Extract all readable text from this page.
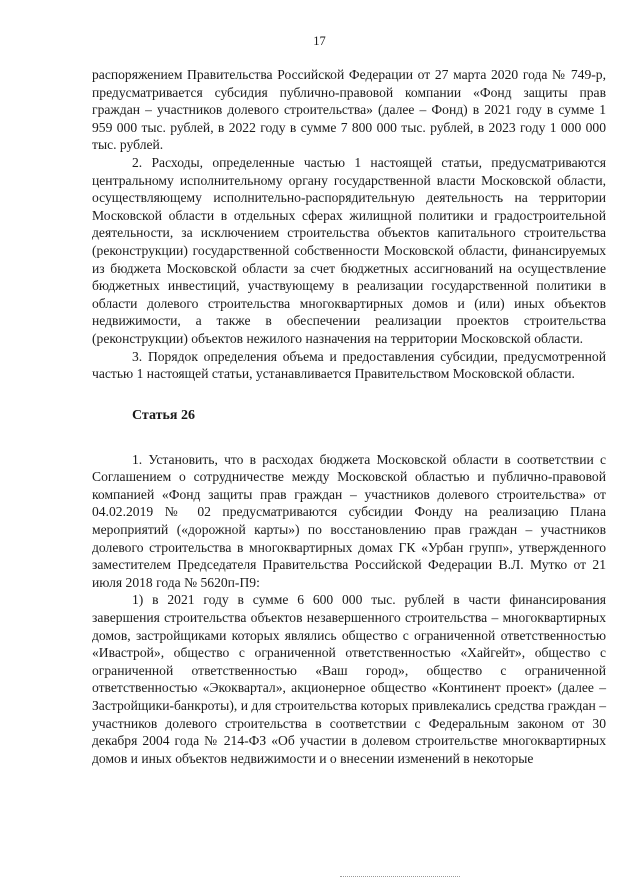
17

распоряжением Правительства Российской Федерации от 27 марта 2020 года № 749-р, предусматривается субсидия публично-правовой компании «Фонд защиты прав граждан – участников долевого строительства» (далее – Фонд) в 2021 году в сумме 1 959 000 тыс. рублей, в 2022 году в сумме 7 800 000 тыс. рублей, в 2023 году 1 000 000 тыс. рублей.

2. Расходы, определенные частью 1 настоящей статьи, предусматриваются центральному исполнительному органу государственной власти Московской области, осуществляющему исполнительно-распорядительную деятельность на территории Московской области в отдельных сферах жилищной политики и градостроительной деятельности, за исключением строительства объектов капитального строительства (реконструкции) государственной собственности Московской области, финансируемых из бюджета Московской области за счет бюджетных ассигнований на осуществление бюджетных инвестиций, участвующему в реализации государственной политики в области долевого строительства многоквартирных домов и (или) иных объектов недвижимости, а также в обеспечении реализации проектов строительства (реконструкции) объектов нежилого назначения на территории Московской области.

3. Порядок определения объема и предоставления субсидии, предусмотренной частью 1 настоящей статьи, устанавливается Правительством Московской области.

Статья 26

1. Установить, что в расходах бюджета Московской области в соответствии с Соглашением о сотрудничестве между Московской областью и публично-правовой компанией «Фонд защиты прав граждан – участников долевого строительства» от 04.02.2019 № 02 предусматриваются субсидии Фонду на реализацию Плана мероприятий («дорожной карты») по восстановлению прав граждан – участников долевого строительства в многоквартирных домах ГК «Урбан групп», утвержденного заместителем Председателя Правительства Российской Федерации В.Л. Мутко от 21 июля 2018 года № 5620п-П9:

1) в 2021 году в сумме 6 600 000 тыс. рублей в части финансирования завершения строительства объектов незавершенного строительства – многоквартирных домов, застройщиками которых являлись общество с ограниченной ответственностью «Ивастрой», общество с ограниченной ответственностью «Хайгейт», общество с ограниченной ответственностью «Ваш город», общество с ограниченной ответственностью «Экоквартал», акционерное общество «Континент проект» (далее – Застройщики-банкроты), и для строительства которых привлекались средства граждан – участников долевого строительства в соответствии с Федеральным законом от 30 декабря 2004 года № 214-ФЗ «Об участии в долевом строительстве многоквартирных домов и иных объектов недвижимости и о внесении изменений в некоторые
